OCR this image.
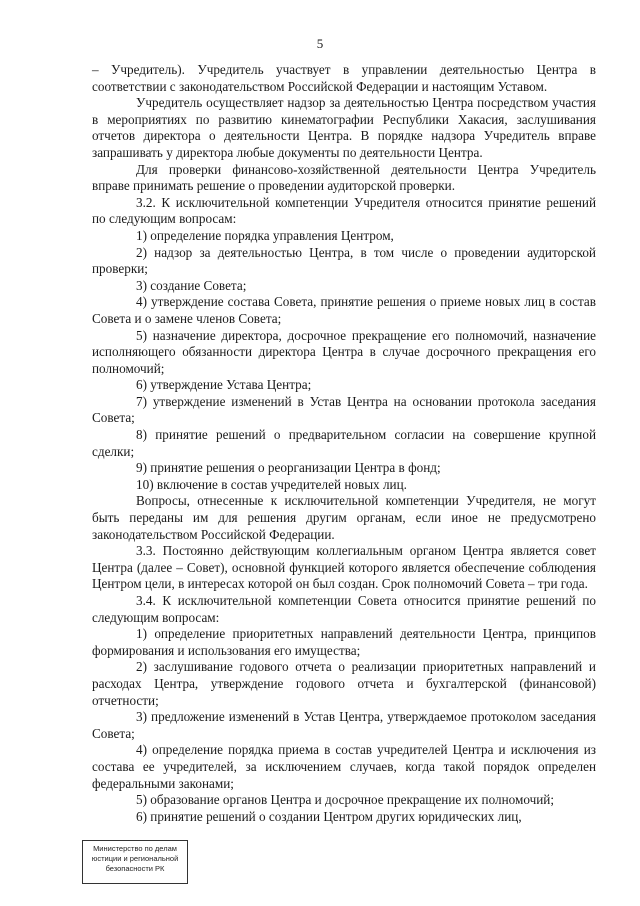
5

– Учредитель). Учредитель участвует в управлении деятельностью Центра в соответствии с законодательством Российской Федерации и настоящим Уставом.

Учредитель осуществляет надзор за деятельностью Центра посредством участия в мероприятиях по развитию кинематографии Республики Хакасия, заслушивания отчетов директора о деятельности Центра. В порядке надзора Учредитель вправе запрашивать у директора любые документы по деятельности Центра.

Для проверки финансово-хозяйственной деятельности Центра Учредитель вправе принимать решение о проведении аудиторской проверки.

3.2. К исключительной компетенции Учредителя относится принятие решений по следующим вопросам:

1) определение порядка управления Центром,

2) надзор за деятельностью Центра, в том числе о проведении аудиторской проверки;

3) создание Совета;

4) утверждение состава Совета, принятие решения о приеме новых лиц в состав Совета и о замене членов Совета;

5) назначение директора, досрочное прекращение его полномочий, назначение исполняющего обязанности директора Центра в случае досрочного прекращения его полномочий;

6) утверждение Устава Центра;

7) утверждение изменений в Устав Центра на основании протокола заседания Совета;

8) принятие решений о предварительном согласии на совершение крупной сделки;

9) принятие решения о реорганизации Центра в фонд;

10) включение в состав учредителей новых лиц.

Вопросы, отнесенные к исключительной компетенции Учредителя, не могут быть переданы им для решения другим органам, если иное не предусмотрено законодательством Российской Федерации.

3.3. Постоянно действующим коллегиальным органом Центра является совет Центра (далее – Совет), основной функцией которого является обеспечение соблюдения Центром цели, в интересах которой он был создан. Срок полномочий Совета – три года.

3.4. К исключительной компетенции Совета относится принятие решений по следующим вопросам:

1) определение приоритетных направлений деятельности Центра, принципов формирования и использования его имущества;

2) заслушивание годового отчета о реализации приоритетных направлений и расходах Центра, утверждение годового отчета и бухгалтерской (финансовой) отчетности;

3) предложение изменений в Устав Центра, утверждаемое протоколом заседания Совета;

4) определение порядка приема в состав учредителей Центра и исключения из состава ее учредителей, за исключением случаев, когда такой порядок определен федеральными законами;

5) образование органов Центра и досрочное прекращение их полномочий;

6) принятие решений о создании Центром других юридических лиц,

Министерство по делам
юстиции и региональной
безопасности РК
